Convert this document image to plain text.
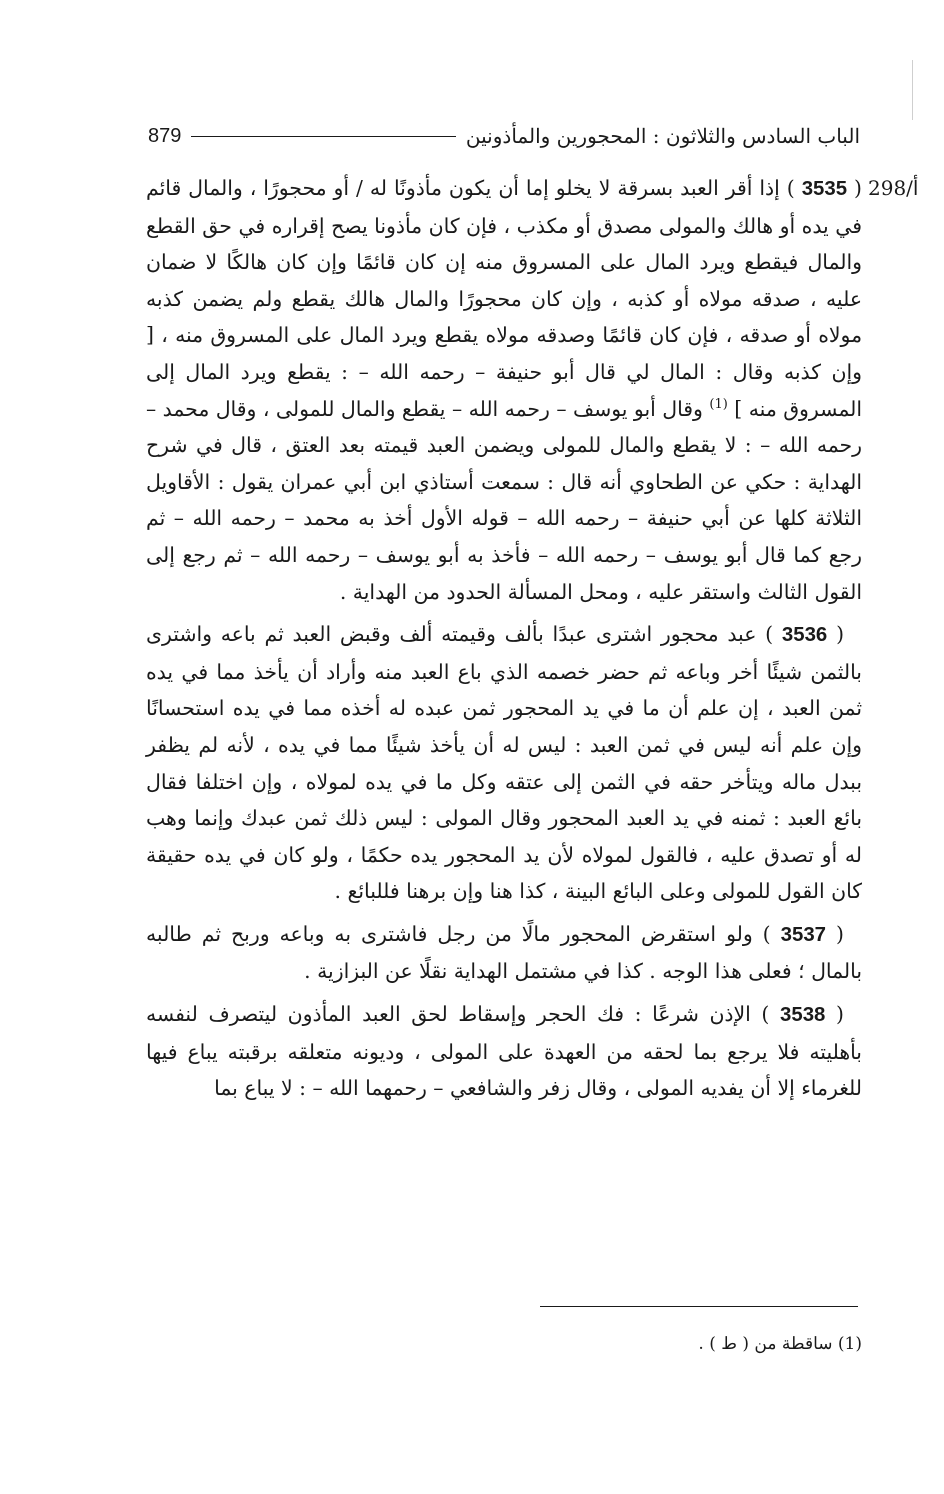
الباب السادس والثلاثون : المحجورين والمأذونين
879
298/أ

( 3535 ) إذا أقر العبد بسرقة لا يخلو إما أن يكون مأذونًا له / أو محجورًا ، والمال قائم في يده أو هالك والمولى مصدق أو مكذب ، فإن كان مأذونا يصح إقراره في حق القطع والمال فيقطع ويرد المال على المسروق منه إن كان قائمًا وإن كان هالكًا لا ضمان عليه ، صدقه مولاه أو كذبه ، وإن كان محجورًا والمال هالك يقطع ولم يضمن كذبه مولاه أو صدقه ، فإن كان قائمًا وصدقه مولاه يقطع ويرد المال على المسروق منه ، [ وإن كذبه وقال : المال لي قال أبو حنيفة – رحمه الله – : يقطع ويرد المال إلى المسروق منه ] $^{(1)}$ وقال أبو يوسف – رحمه الله – يقطع والمال للمولى ، وقال محمد – رحمه الله – : لا يقطع والمال للمولى ويضمن العبد قيمته بعد العتق ، قال في شرح الهداية : حكي عن الطحاوي أنه قال : سمعت أستاذي ابن أبي عمران يقول : الأقاويل الثلاثة كلها عن أبي حنيفة – رحمه الله – قوله الأول أخذ به محمد – رحمه الله – ثم رجع كما قال أبو يوسف – رحمه الله – فأخذ به أبو يوسف – رحمه الله – ثم رجع إلى القول الثالث واستقر عليه ، ومحل المسألة الحدود من الهداية .

( 3536 ) عبد محجور اشترى عبدًا بألف وقيمته ألف وقبض العبد ثم باعه واشترى بالثمن شيئًا أخر وباعه ثم حضر خصمه الذي باع العبد منه وأراد أن يأخذ مما في يده ثمن العبد ، إن علم أن ما في يد المحجور ثمن عبده له أخذه مما في يده استحسانًا وإن علم أنه ليس في ثمن العبد : ليس له أن يأخذ شيئًا مما في يده ، لأنه لم يظفر ببدل ماله ويتأخر حقه في الثمن إلى عتقه وكل ما في يده لمولاه ، وإن اختلفا فقال بائع العبد : ثمنه في يد العبد المحجور وقال المولى : ليس ذلك ثمن عبدك وإنما وهب له أو تصدق عليه ، فالقول لمولاه لأن يد المحجور يده حكمًا ، ولو كان في يده حقيقة كان القول للمولى وعلى البائع البينة ، كذا هنا وإن برهنا فللبائع .

( 3537 ) ولو استقرض المحجور مالًا من رجل فاشترى به وباعه وربح ثم طالبه بالمال ؛ فعلى هذا الوجه . كذا في مشتمل الهداية نقلًا عن البزازية .

( 3538 ) الإذن شرعًا : فك الحجر وإسقاط لحق العبد المأذون ليتصرف لنفسه بأهليته فلا يرجع بما لحقه من العهدة على المولى ، وديونه متعلقه برقبته يباع فيها للغرماء إلا أن يفديه المولى ، وقال زفر والشافعي – رحمهما الله – : لا يباع بما

(1) ساقطة من ( ط ) .
